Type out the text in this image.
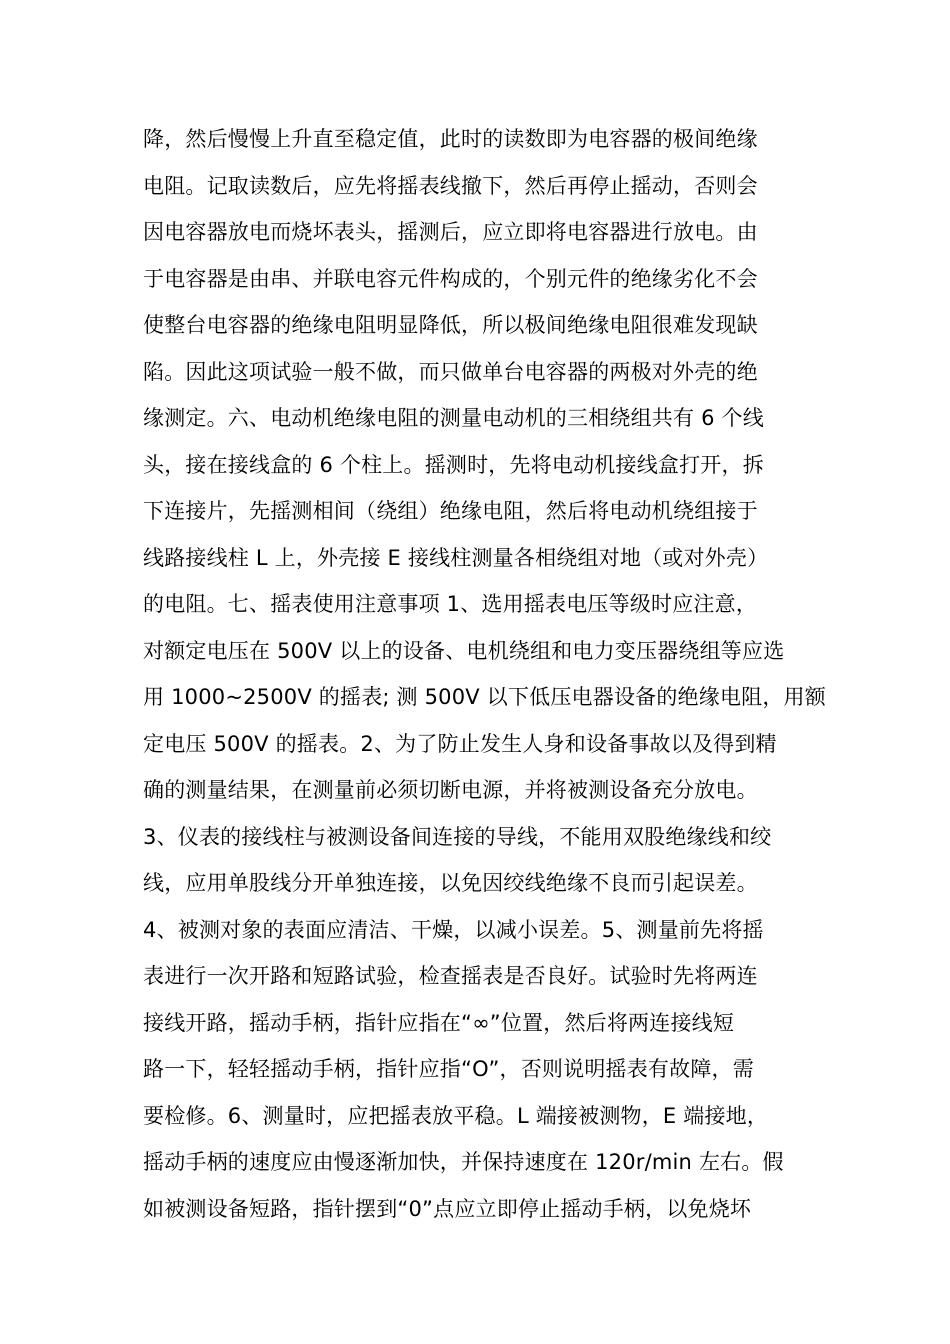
降，然后慢慢上升直至稳定值，此时的读数即为电容器的极间绝缘
电阻。记取读数后，应先将摇表线撤下，然后再停止摇动，否则会
因电容器放电而烧坏表头，摇测后，应立即将电容器进行放电。由
于电容器是由串、并联电容元件构成的，个别元件的绝缘劣化不会
使整台电容器的绝缘电阻明显降低，所以极间绝缘电阻很难发现缺
陷。因此这项试验一般不做，而只做单台电容器的两极对外壳的绝
缘测定。六、电动机绝缘电阻的测量电动机的三相绕组共有 6 个线
头，接在接线盒的 6 个柱上。摇测时，先将电动机接线盒打开，拆
下连接片，先摇测相间（绕组）绝缘电阻，然后将电动机绕组接于
线路接线柱 L 上，外壳接 E 接线柱测量各相绕组对地（或对外壳）
的电阻。七、摇表使用注意事项 1、选用摇表电压等级时应注意，
对额定电压在 500V 以上的设备、电机绕组和电力变压器绕组等应选
用 1000~2500V 的摇表; 测 500V 以下低压电器设备的绝缘电阻，用额
定电压 500V 的摇表。2、为了防止发生人身和设备事故以及得到精
确的测量结果，在测量前必须切断电源，并将被测设备充分放电。
3、仪表的接线柱与被测设备间连接的导线，不能用双股绝缘线和绞
线，应用单股线分开单独连接，以免因绞线绝缘不良而引起误差。
4、被测对象的表面应清洁、干燥，以减小误差。5、测量前先将摇
表进行一次开路和短路试验，检查摇表是否良好。试验时先将两连
接线开路，摇动手柄，指针应指在“∞”位置，然后将两连接线短
路一下，轻轻摇动手柄，指针应指“O”，否则说明摇表有故障，需
要检修。6、测量时，应把摇表放平稳。L 端接被测物，E 端接地，
摇动手柄的速度应由慢逐渐加快，并保持速度在 120r/min 左右。假
如被测设备短路，指针摆到“0”点应立即停止摇动手柄，以免烧坏
